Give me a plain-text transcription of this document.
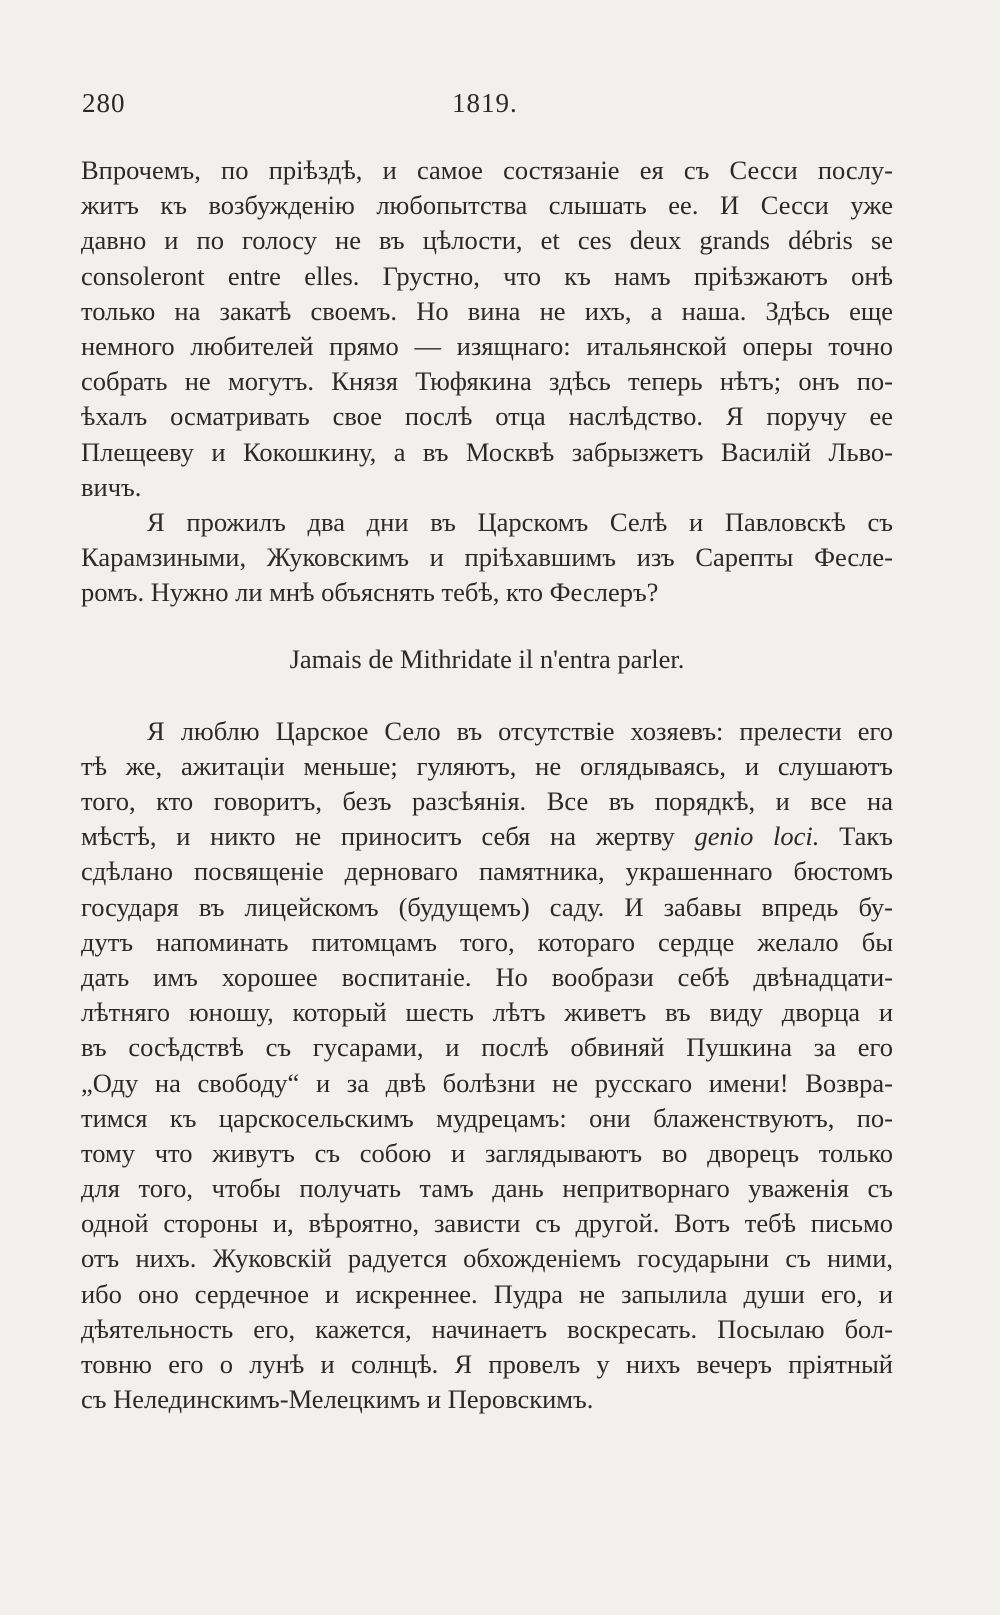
280	1819.
Впрочемъ, по пріѣздѣ, и самое состязаніе ея съ Сесси послу-
житъ къ возбужденію любопытства слышать ее. И Сесси уже
давно и по голосу не въ цѣлости, et ces deux grands débris se
consoleront entre elles. Грустно, что къ намъ пріѣзжаютъ онѣ
только на закатѣ своемъ. Но вина не ихъ, а наша. Здѣсь еще
немного любителей прямо — изящнаго: итальянской оперы точно
собрать не могутъ. Князя Тюфякина здѣсь теперь нѣтъ; онъ по-
ѣхалъ осматривать свое послѣ отца наслѣдство. Я поручу ее
Плещееву и Кокошкину, а въ Москвѣ забрызжетъ Василій Льво-
вичъ.
Я прожилъ два дни въ Царскомъ Селѣ и Павловскѣ съ
Карамзиными, Жуковскимъ и пріѣхавшимъ изъ Сарепты Фесле-
ромъ. Нужно ли мнѣ объяснять тебѣ, кто Феслеръ?
Jamais de Mithridate il n'entra parler.
Я люблю Царское Село въ отсутствіе хозяевъ: прелести его
тѣ же, ажитаціи меньше; гуляютъ, не оглядываясь, и слушаютъ
того, кто говоритъ, безъ разсѣянія. Все въ порядкѣ, и все на
мѣстѣ, и никто не приноситъ себя на жертву genio loci. Такъ
сдѣлано посвященіе дерноваго памятника, украшеннаго бюстомъ
государя въ лицейскомъ (будущемъ) саду. И забавы впредь бу-
дутъ напоминать питомцамъ того, котораго сердце желало бы
дать имъ хорошее воспитаніе. Но вообрази себѣ двѣнадцати-
лѣтняго юношу, который шесть лѣтъ живетъ въ виду дворца и
въ сосѣдствѣ съ гусарами, и послѣ обвиняй Пушкина за его
„Оду на свободу“ и за двѣ болѣзни не русскаго имени! Возвра-
тимся къ царскосельскимъ мудрецамъ: они блаженствуютъ, по-
тому что живутъ съ собою и заглядываютъ во дворецъ только
для того, чтобы получать тамъ дань непритворнаго уваженія съ
одной стороны и, вѣроятно, зависти съ другой. Вотъ тебѣ письмо
отъ нихъ. Жуковскій радуется обхожденіемъ государыни съ ними,
ибо оно сердечное и искреннее. Пудра не запылила души его, и
дѣятельность его, кажется, начинаетъ воскресать. Посылаю бол-
товню его о лунѣ и солнцѣ. Я провелъ у нихъ вечеръ пріятный
съ Нелединскимъ-Мелецкимъ и Перовскимъ.
